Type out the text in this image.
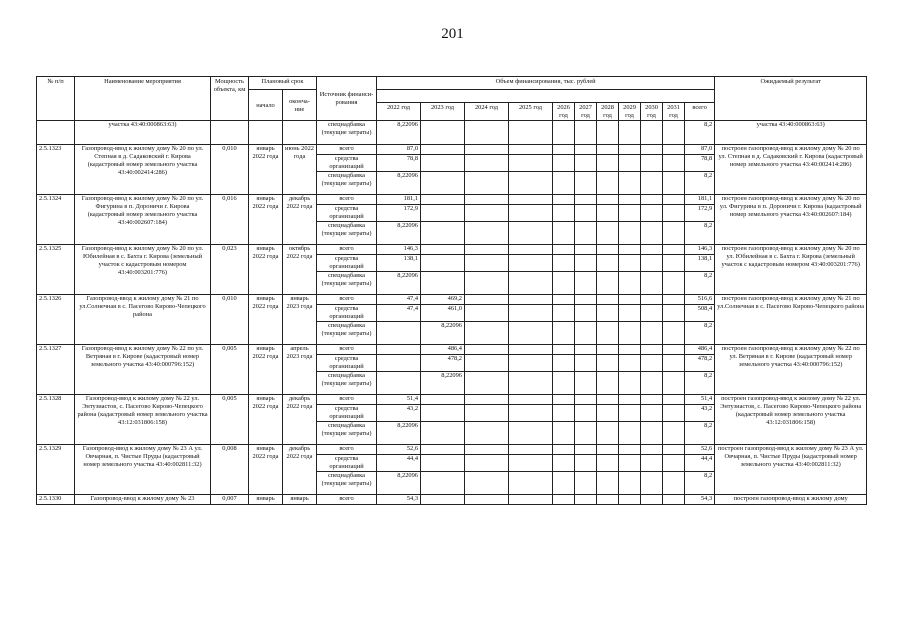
201
№ п/п	Наименование мероприятия	Мощность объекта, км	Плановый срок		Источник финанси-рования	Объем финансирования, тыс. рублей											Ожидаемый результат
			начало	оконча-ние													
						2022 год	2023 год	2024 год	2025 год	2026 год	2027 год	2028 год	2029 год	2030 год	2031 год	всего	
	участка 43:40:000863:63)				спецнадбавка (текущие затраты)	8,22096										8,2	участка 43:40:000863:63)
2.5.1323	Газопровод-ввод к жилому дому № 20 по ул. Степная в д. Садаковский г. Кирова (кадастровый номер земельного участка 43:40:002414:286)	0,010	январь 2022 года	июнь 2022 года	всего	87,0										87,0	построен газопровод-ввод к жилому дому № 20 по ул. Степная в д. Садаковский г. Кирова (кадастровый номер земельного участка 43:40:002414:286)
					средства организаций	78,8										78,8	
					спецнадбавка (текущие затраты)	8,22096										8,2	
2.5.1324	Газопровод-ввод к жилому дому № 20 по ул. Фигурина в п. Дороничи г. Кирова (кадастровый номер земельного участка 43:40:002607:184)	0,016	январь 2022 года	декабрь 2022 года	всего	181,1										181,1	построен газопровод-ввод к жилому дому № 20 по ул. Фигурина в п. Дороничи г. Кирова (кадастровый номер земельного участка 43:40:002607:184)
					средства организаций	172,9										172,9	
					спецнадбавка (текущие затраты)	8,22096										8,2	
2.5.1325	Газопровод-ввод к жилому дому № 20 по ул. Юбилейная в с. Бахта г. Кирова (земельный участок с кадастровым номером 43:40:003201:776)	0,023	январь 2022 года	октябрь 2022 года	всего	146,3										146,3	построен газопровод-ввод к жилому дому № 20 по ул. Юбилейная в с. Бахта г. Кирова (земельный участок с кадастровым номером 43:40:003201:776)
					средства организаций	138,1										138,1	
					спецнадбавка (текущие затраты)	8,22096										8,2	
2.5.1326	Газопровод-ввод к жилому дому № 21 по ул.Солнечная в с. Пасегово Кирово-Чепецкого района	0,010	январь 2022 года	январь 2023 года	всего	47,4	469,2									516,6	построен газопровод-ввод к жилому дому № 21 по ул.Солнечная в с. Пасегово Кирово-Чепецкого района
					средства организаций	47,4	461,0									508,4	
					спецнадбавка (текущие затраты)		8,22096									8,2	
2.5.1327	Газопровод-ввод к жилому дому № 22 по ул. Ветряная в г. Кирове (кадастровый номер земельного участка 43:40:000796:152)	0,005	январь 2022 года	апрель 2023 года	всего		486,4									486,4	построен газопровод-ввод к жилому дому № 22 по ул. Ветряная в г. Кирове (кадастровый номер земельного участка 43:40:000796:152)
					средства организаций		478,2									478,2	
					спецнадбавка (текущие затраты)		8,22096									8,2	
2.5.1328	Газопровод-ввод к жилому дому № 22 ул. Энтузиастов, с. Пасегово Кирово-Чепецкого района (кадастровый номер земельного участка 43:12:031806:158)	0,005	январь 2022 года	декабрь 2022 года	всего	51,4										51,4	построен газопровод-ввод к жилому дому № 22 ул. Энтузиастов, с. Пасегово Кирово-Чепецкого района (кадастровый номер земельного участка 43:12:031806:158)
					средства организаций	43,2										43,2	
					спецнадбавка (текущие затраты)	8,22096										8,2	
2.5.1329	Газопровод-ввод к жилому дому № 23 А ул. Овчарная, п. Чистые Пруды (кадастровый номер земельного участка 43:40:002811:32)	0,008	январь 2022 года	декабрь 2022 года	всего	52,6										52,6	построен газопровод-ввод к жилому дому № 23 А ул. Овчарная, п. Чистые Пруды (кадастровый номер земельного участка 43:40:002811:32)
					средства организаций	44,4										44,4	
					спецнадбавка (текущие затраты)	8,22096										8,2	
2.5.1330	Газопровод-ввод к жилому дому № 23	0,007	январь	январь	всего	54,3										54,3	построен газопровод-ввод к жилому дому
